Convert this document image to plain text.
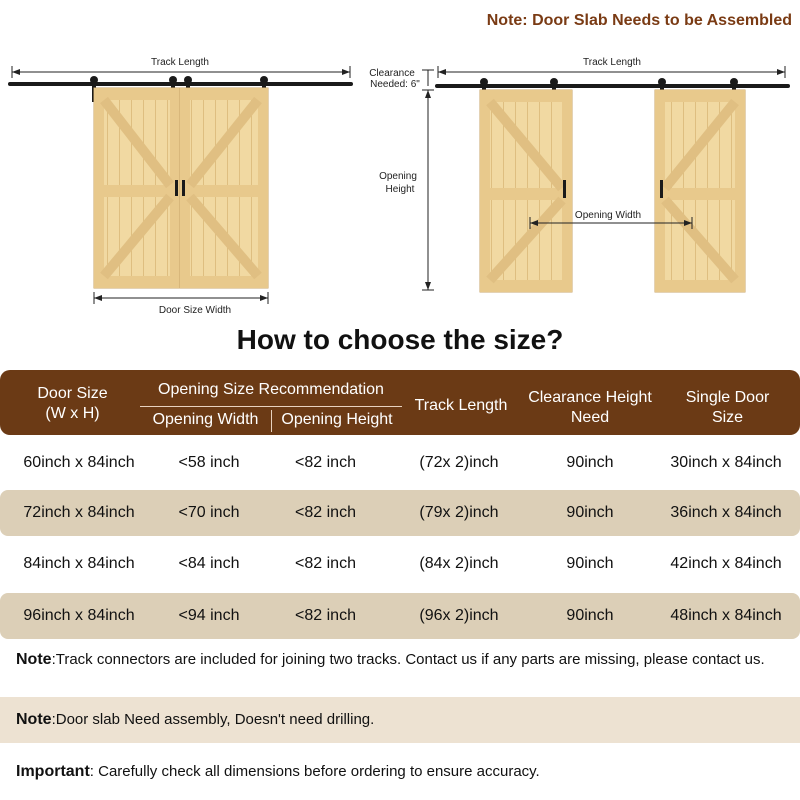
Note: Door Slab Needs to be Assembled
Track Length
Door Size Width
Track Length
Clearance
Needed: 6"
Opening
Height
Opening Width
How to choose the size?
Door Size
(W x H)
Opening Size Recommendation
Opening Width	Opening Height
Track Length	Clearance Height
Need
Single Door
Size
60inch x 84inch	<58 inch	<82 inch	(72x 2)inch	90inch	30inch x 84inch
72inch x 84inch	<70 inch	<82 inch	(79x 2)inch	90inch	36inch x 84inch
84inch x 84inch	<84 inch	<82 inch	(84x 2)inch	90inch	42inch x 84inch
96inch x 84inch	<94 inch	<82 inch	(96x 2)inch	90inch	48inch x 84inch
Note:Track connectors are included for joining two tracks. Contact us if any parts are missing, please contact us.
Note:Door slab Need assembly, Doesn't need drilling.
Important: Carefully check all dimensions before ordering to ensure accuracy.
